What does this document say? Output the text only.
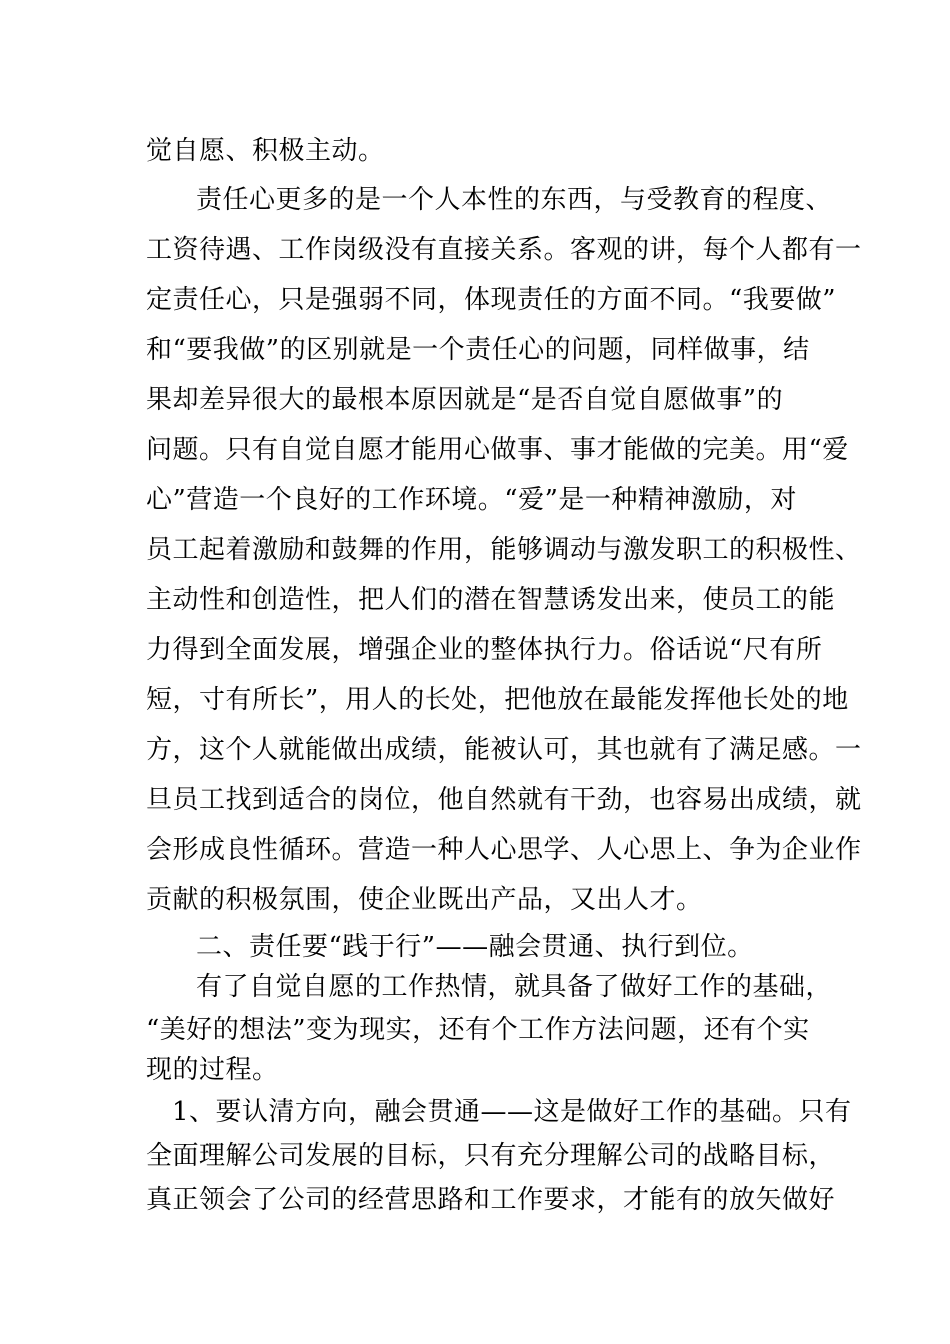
觉自愿、积极主动。
责任心更多的是一个人本性的东西，与受教育的程度、
工资待遇、工作岗级没有直接关系。客观的讲，每个人都有一
定责任心，只是强弱不同，体现责任的方面不同。“我要做”
和“要我做”的区别就是一个责任心的问题，同样做事，结
果却差异很大的最根本原因就是“是否自觉自愿做事”的
问题。只有自觉自愿才能用心做事、事才能做的完美。用“爱
心”营造一个良好的工作环境。“爱”是一种精神激励，对
员工起着激励和鼓舞的作用，能够调动与激发职工的积极性、
主动性和创造性，把人们的潜在智慧诱发出来，使员工的能
力得到全面发展，增强企业的整体执行力。俗话说“尺有所
短，寸有所长”，用人的长处，把他放在最能发挥他长处的地
方，这个人就能做出成绩，能被认可，其也就有了满足感。一
旦员工找到适合的岗位，他自然就有干劲，也容易出成绩，就
会形成良性循环。营造一种人心思学、人心思上、争为企业作
贡献的积极氛围，使企业既出产品，又出人才。
二、责任要“践于行”——融会贯通、执行到位。
有了自觉自愿的工作热情，就具备了做好工作的基础，
“美好的想法”变为现实，还有个工作方法问题，还有个实
现的过程。
1、要认清方向，融会贯通——这是做好工作的基础。只有
全面理解公司发展的目标，只有充分理解公司的战略目标，
真正领会了公司的经营思路和工作要求，才能有的放矢做好
